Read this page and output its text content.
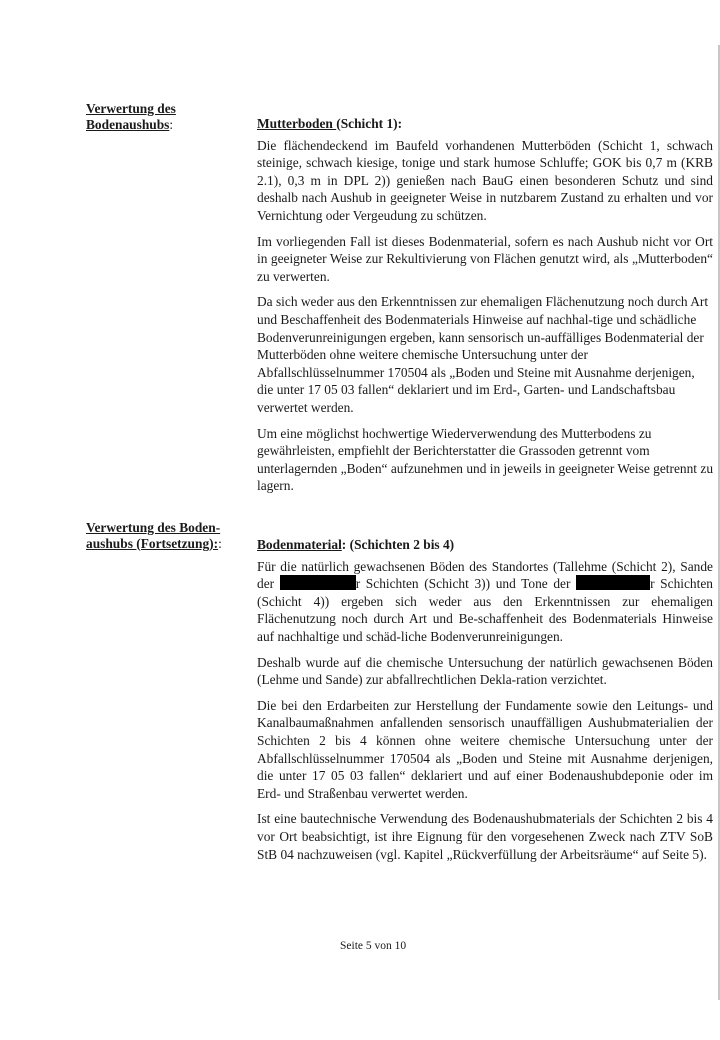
Verwertung des
Bodenaushubs:	Mutterboden (Schicht 1):

Die flächendeckend im Baufeld vorhandenen Mutterböden (Schicht 1, schwach steinige, schwach kiesige, tonige und stark humose Schluffe; GOK bis 0,7 m (KRB 2.1), 0,3 m in DPL 2)) genießen nach BauG einen besonderen Schutz und sind deshalb nach Aushub in geeigneter Weise in nutzbarem Zustand zu erhalten und vor Vernichtung oder Vergeudung zu schützen.

Im vorliegenden Fall ist dieses Bodenmaterial, sofern es nach Aushub nicht vor Ort in geeigneter Weise zur Rekultivierung von Flächen genutzt wird, als „Mutterboden“ zu verwerten.

Da sich weder aus den Erkenntnissen zur ehemaligen Flächenutzung noch durch Art und Beschaffenheit des Bodenmaterials Hinweise auf nachhal-tige und schädliche Bodenverunreinigungen ergeben, kann sensorisch un-auffälliges Bodenmaterial der Mutterböden ohne weitere chemische Untersuchung unter der Abfallschlüsselnummer 170504 als „Boden und Steine mit Ausnahme derjenigen, die unter 17 05 03 fallen“ deklariert und im Erd-, Garten- und Landschaftsbau verwertet werden.

Um eine möglichst hochwertige Wiederverwendung des Mutterbodens zu gewährleisten, empfiehlt der Berichterstatter die Grassoden getrennt vom unterlagernden „Boden“ aufzunehmen und in jeweils in geeigneter Weise getrennt zu lagern.

Verwertung des Boden-
aushubs (Fortsetzung)::	Bodenmaterial: (Schichten 2 bis 4)

Für die natürlich gewachsenen Böden des Standortes (Tallehme (Schicht 2), Sande der	r Schichten (Schicht 3)) und Tone der	r Schichten (Schicht 4)) ergeben sich weder aus den Erkenntnissen zur ehemaligen Flächenutzung noch durch Art und Be-schaffenheit des Bodenmaterials Hinweise auf nachhaltige und schäd-liche Bodenverunreinigungen.

Deshalb wurde auf die chemische Untersuchung der natürlich gewachsenen Böden (Lehme und Sande) zur abfallrechtlichen Dekla-ration verzichtet.

Die bei den Erdarbeiten zur Herstellung der Fundamente sowie den Leitungs- und Kanalbaumaßnahmen anfallenden sensorisch unauffälligen Aushubmaterialien der Schichten 2 bis 4 können ohne weitere chemische Untersuchung unter der Abfallschlüsselnummer 170504 als „Boden und Steine mit Ausnahme derjenigen, die unter 17 05 03 fallen“ deklariert und auf einer Bodenaushubdeponie oder im Erd- und Straßenbau verwertet werden.

Ist eine bautechnische Verwendung des Bodenaushubmaterials der Schichten 2 bis 4 vor Ort beabsichtigt, ist ihre Eignung für den vorgesehenen Zweck nach ZTV SoB StB 04 nachzuweisen (vgl. Kapitel „Rückverfüllung der Arbeitsräume“ auf Seite 5).

Seite 5 von 10
